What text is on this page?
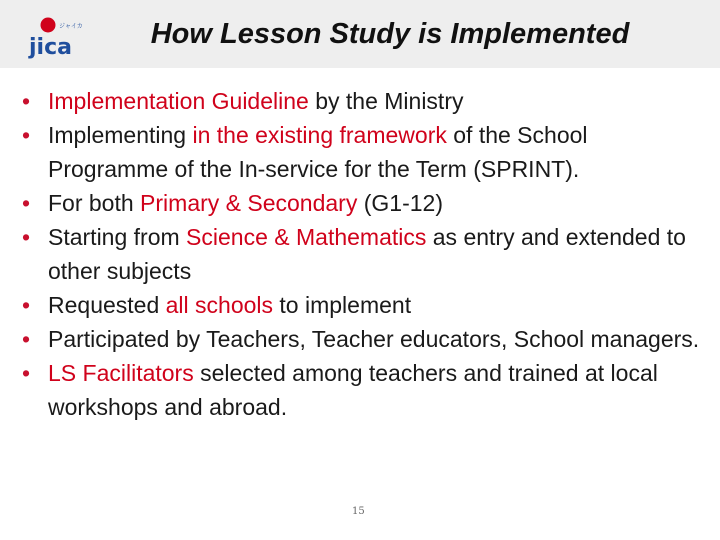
ジャイカ
jica	How Lesson Study is Implemented
• Implementation Guideline by the Ministry
• Implementing in the existing framework of the School Programme of the In-service for the Term (SPRINT).
• For both Primary & Secondary (G1-12)
• Starting from Science & Mathematics as entry and extended to other subjects
• Requested all schools to implement
• Participated by Teachers, Teacher educators, School managers.
• LS Facilitators selected among teachers and trained at local workshops and abroad.
15
